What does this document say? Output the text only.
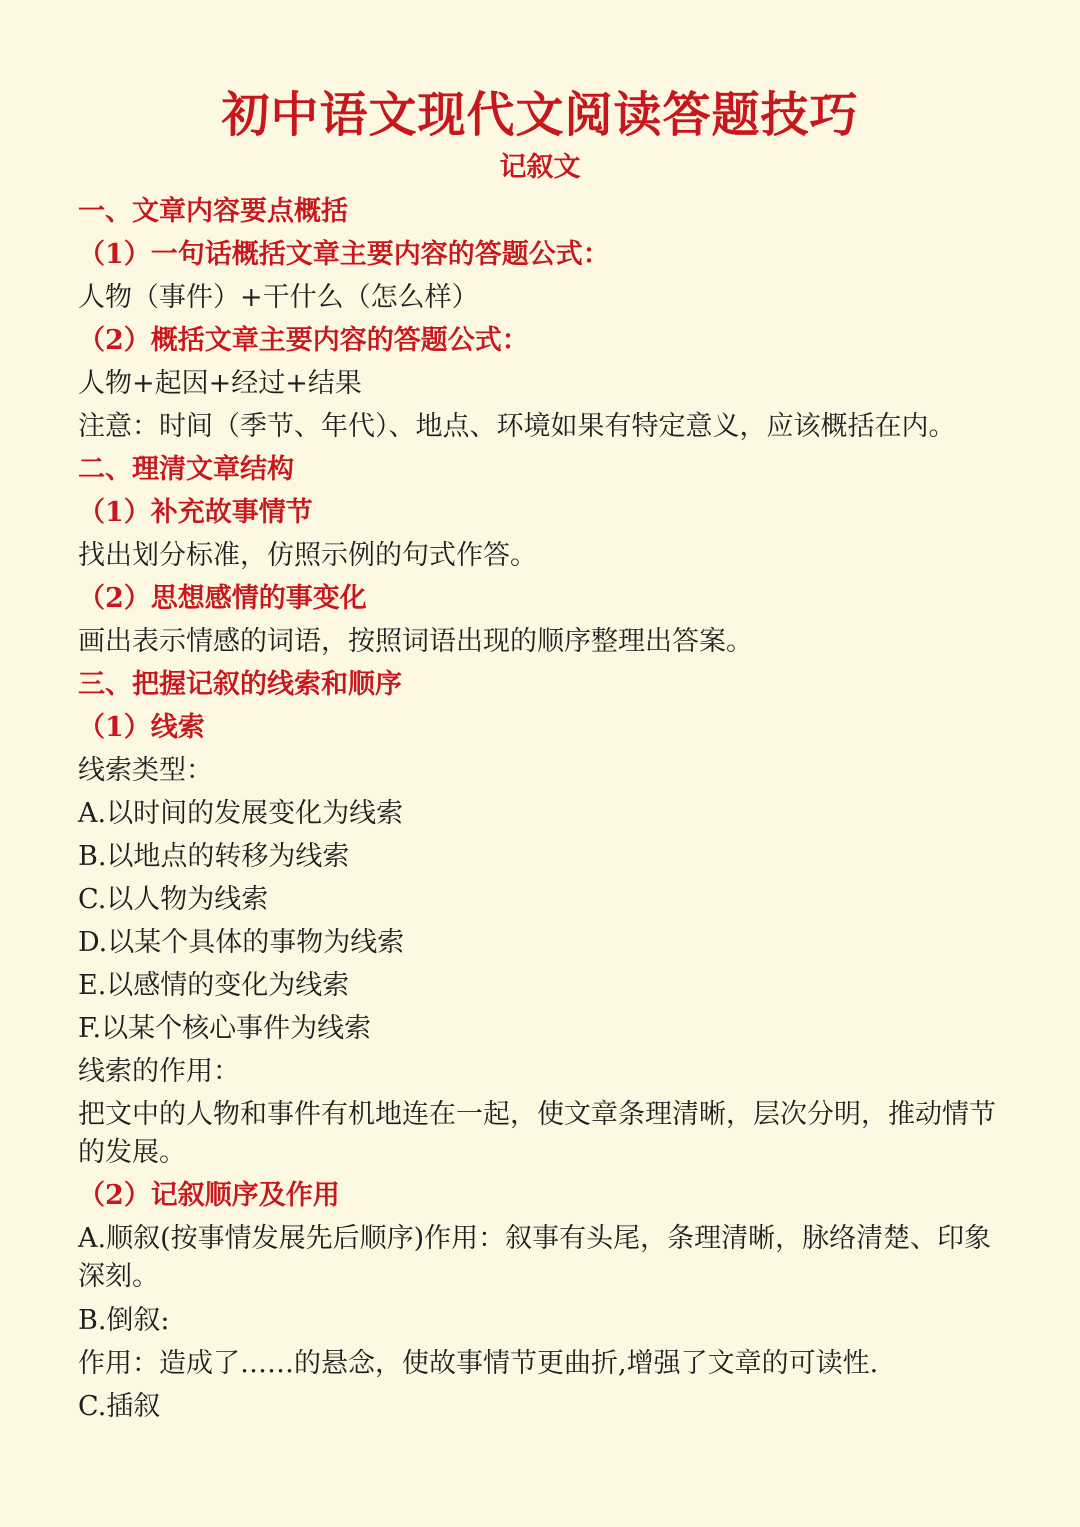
初中语文现代文阅读答题技巧
记叙文
一、文章内容要点概括
（1）一句话概括文章主要内容的答题公式：
人物（事件）+干什么（怎么样）
（2）概括文章主要内容的答题公式：
人物+起因+经过+结果
注意：时间（季节、年代）、地点、环境如果有特定意义，应该概括在内。
二、理清文章结构
（1）补充故事情节
找出划分标准，仿照示例的句式作答。
（2）思想感情的事变化
画出表示情感的词语，按照词语出现的顺序整理出答案。
三、把握记叙的线索和顺序
（1）线索
线索类型：
A.以时间的发展变化为线索
B.以地点的转移为线索
C.以人物为线索
D.以某个具体的事物为线索
E.以感情的变化为线索
F.以某个核心事件为线索
线索的作用：
把文中的人物和事件有机地连在一起，使文章条理清晰，层次分明，推动情节的发展。
（2）记叙顺序及作用
A.顺叙(按事情发展先后顺序)作用：叙事有头尾，条理清晰，脉络清楚、印象深刻。
B.倒叙:
作用：造成了……的悬念，使故事情节更曲折,增强了文章的可读性.
C.插叙
